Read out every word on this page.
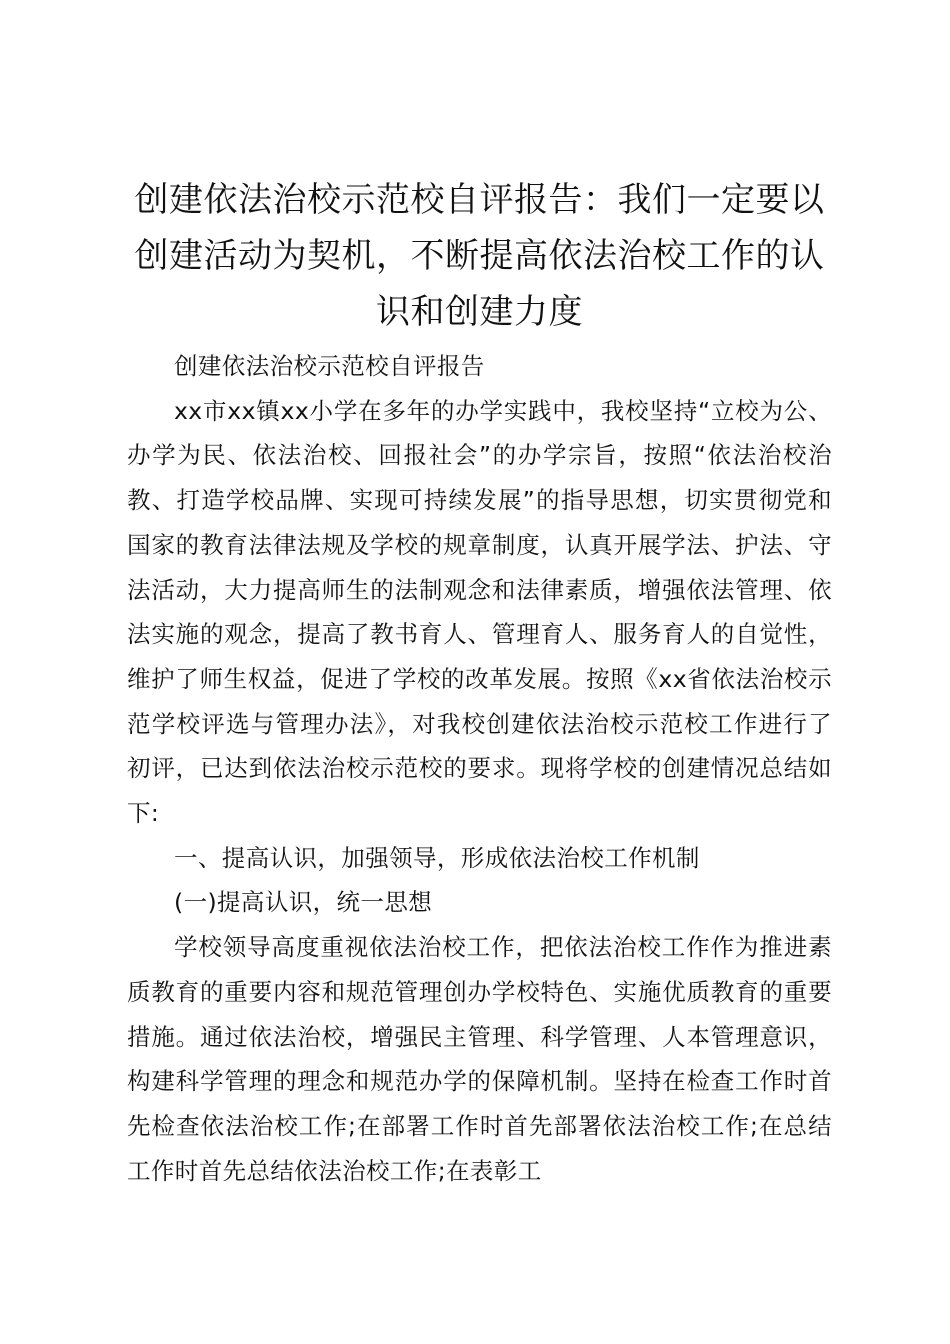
创建依法治校示范校自评报告：我们一定要以创建活动为契机，不断提高依法治校工作的认识和创建力度

创建依法治校示范校自评报告

xx市xx镇xx小学在多年的办学实践中，我校坚持“立校为公、办学为民、依法治校、回报社会”的办学宗旨，按照“依法治校治教、打造学校品牌、实现可持续发展”的指导思想，切实贯彻党和国家的教育法律法规及学校的规章制度，认真开展学法、护法、守法活动，大力提高师生的法制观念和法律素质，增强依法管理、依法实施的观念，提高了教书育人、管理育人、服务育人的自觉性，维护了师生权益，促进了学校的改革发展。按照《xx省依法治校示范学校评选与管理办法》，对我校创建依法治校示范校工作进行了初评，已达到依法治校示范校的要求。现将学校的创建情况总结如下:

一、提高认识，加强领导，形成依法治校工作机制

(一)提高认识，统一思想

学校领导高度重视依法治校工作，把依法治校工作作为推进素质教育的重要内容和规范管理创办学校特色、实施优质教育的重要措施。通过依法治校，增强民主管理、科学管理、人本管理意识，构建科学管理的理念和规范办学的保障机制。坚持在检查工作时首先检查依法治校工作;在部署工作时首先部署依法治校工作;在总结工作时首先总结依法治校工作;在表彰工
